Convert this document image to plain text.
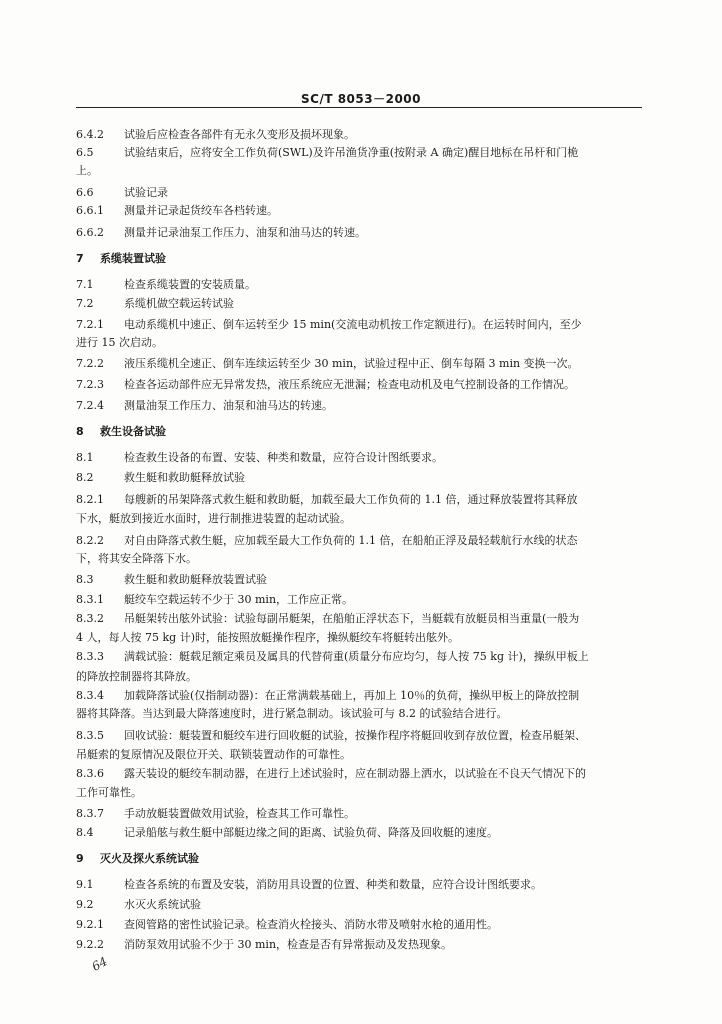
SC/T 8053－2000
6.4.2 试验后应检查各部件有无永久变形及损坏现象。
6.5	试验结束后，应将安全工作负荷(SWL)及许吊渔货净重(按附录 A 确定)醒目地标在吊杆和门桅
上。
6.6	试验记录
6.6.1 测量并记录起货绞车各档转速。
6.6.2 测量并记录油泵工作压力、油泵和油马达的转速。
7 系缆装置试验
7.1	检查系缆装置的安装质量。
7.2	系缆机做空载运转试验
7.2.1 电动系缆机中速正、倒车运转至少 15 min(交流电动机按工作定额进行)。在运转时间内，至少
进行 15 次启动。
7.2.2 液压系缆机全速正、倒车连续运转至少 30 min，试验过程中正、倒车每隔 3 min 变换一次。
7.2.3 检查各运动部件应无异常发热，液压系统应无泄漏；检查电动机及电气控制设备的工作情况。
7.2.4 测量油泵工作压力、油泵和油马达的转速。
8 救生设备试验
8.1	检查救生设备的布置、安装、种类和数量，应符合设计图纸要求。
8.2	救生艇和救助艇释放试验
8.2.1 每艘新的吊架降落式救生艇和救助艇，加载至最大工作负荷的 1.1 倍，通过释放装置将其释放
下水，艇放到接近水面时，进行制推进装置的起动试验。
8.2.2 对自由降落式救生艇，应加载至最大工作负荷的 1.1 倍，在船舶正浮及最轻载航行水线的状态
下，将其安全降落下水。
8.3	救生艇和救助艇释放装置试验
8.3.1 艇绞车空载运转不少于 30 min，工作应正常。
8.3.2 吊艇架转出舷外试验：试验每副吊艇架，在船舶正浮状态下，当艇载有放艇员相当重量(一般为
4 人，每人按 75 kg 计)时，能按照放艇操作程序，操纵艇绞车将艇转出舷外。
8.3.3 满载试验：艇载足额定乘员及属具的代替荷重(质量分布应均匀，每人按 75 kg 计)，操纵甲板上
的降放控制器将其降放。
8.3.4 加载降落试验(仅指制动器)：在正常满载基础上，再加上 10％的负荷，操纵甲板上的降放控制
器将其降落。当达到最大降落速度时，进行紧急制动。该试验可与 8.2 的试验结合进行。
8.3.5 回收试验：艇装置和艇绞车进行回收艇的试验，按操作程序将艇回收到存放位置，检查吊艇架、
吊艇索的复原情况及限位开关、联锁装置动作的可靠性。
8.3.6 露天装设的艇绞车制动器，在进行上述试验时，应在制动器上洒水，以试验在不良天气情况下的
工作可靠性。
8.3.7 手动放艇装置做效用试验，检查其工作可靠性。
8.4	记录船舷与救生艇中部艇边缘之间的距离、试验负荷、降落及回收艇的速度。
9 灭火及探火系统试验
9.1	检查各系统的布置及安装，消防用具设置的位置、种类和数量，应符合设计图纸要求。
9.2	水灭火系统试验
9.2.1 查阅管路的密性试验记录。检查消火栓接头、消防水带及喷射水枪的通用性。
9.2.2 消防泵效用试验不少于 30 min，检查是否有异常振动及发热现象。
64
